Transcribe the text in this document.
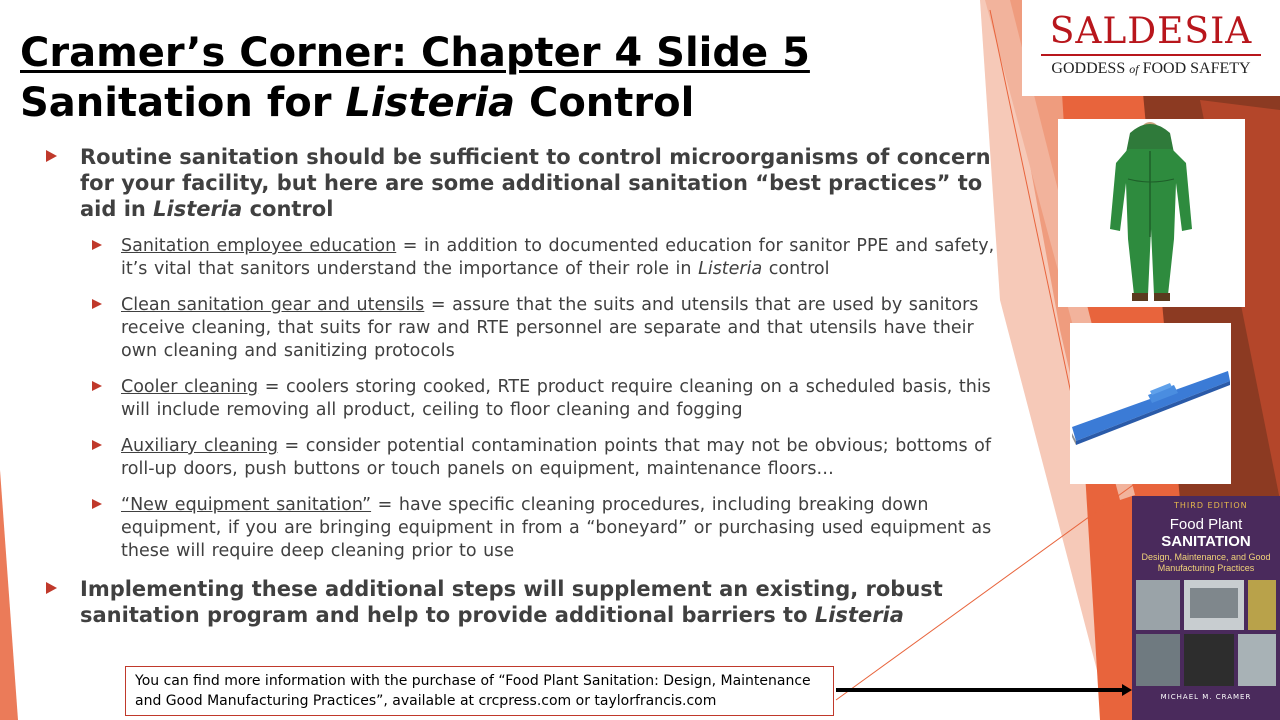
Cramer’s Corner: Chapter 4 Slide 5
Sanitation for Listeria Control
Routine sanitation should be sufficient to control microorganisms of concern for your facility, but here are some additional sanitation “best practices” to aid in Listeria control
Sanitation employee education = in addition to documented education for sanitor PPE and safety, it’s vital that sanitors understand the importance of their role in Listeria control
Clean sanitation gear and utensils = assure that the suits and utensils that are used by sanitors receive cleaning, that suits for raw and RTE personnel are separate and that utensils have their own cleaning and sanitizing protocols
Cooler cleaning = coolers storing cooked, RTE product require cleaning on a scheduled basis, this will include removing all product, ceiling to floor cleaning and fogging
Auxiliary cleaning = consider potential contamination points that may not be obvious; bottoms of roll-up doors, push buttons or touch panels on equipment, maintenance floors…
“New equipment sanitation” = have specific cleaning procedures, including breaking down equipment, if you are bringing equipment in from a “boneyard” or purchasing used equipment as these will require deep cleaning prior to use
Implementing these additional steps will supplement an existing, robust sanitation program and help to provide additional barriers to Listeria
You can find more information with the purchase of “Food Plant Sanitation: Design, Maintenance and Good Manufacturing Practices”, available at crcpress.com or taylorfrancis.com
SALDESIA
GODDESS of FOOD SAFETY
THIRD EDITION
Food Plant
SANITATION
Design, Maintenance, and Good Manufacturing Practices
MICHAEL M. CRAMER
